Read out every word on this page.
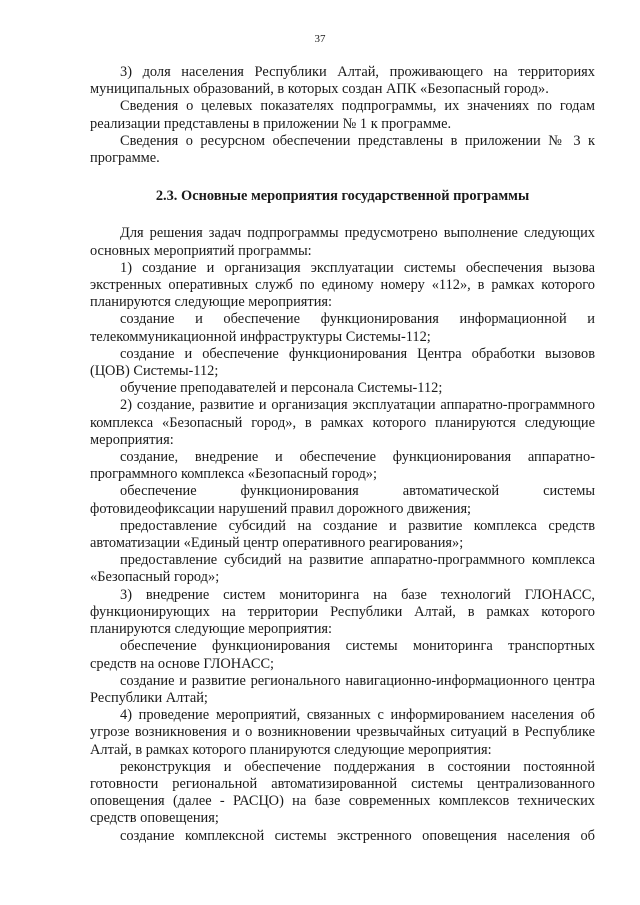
37

3) доля населения Республики Алтай, проживающего на территориях муниципальных образований, в которых создан АПК «Безопасный город».

Сведения о целевых показателях подпрограммы, их значениях по годам реализации представлены в приложении № 1 к программе.

Сведения о ресурсном обеспечении представлены в приложении № 3 к программе.

2.3. Основные мероприятия государственной программы

Для решения задач подпрограммы предусмотрено выполнение следующих основных мероприятий программы:

1) создание и организация эксплуатации системы обеспечения вызова экстренных оперативных служб по единому номеру «112», в рамках которого планируются следующие мероприятия:

создание и обеспечение функционирования информационной и телекоммуникационной инфраструктуры Системы-112;

создание и обеспечение функционирования Центра обработки вызовов (ЦОВ) Системы-112;

обучение преподавателей и персонала Системы-112;

2) создание, развитие и организация эксплуатации аппаратно-программного комплекса «Безопасный город», в рамках которого планируются следующие мероприятия:

создание, внедрение и обеспечение функционирования аппаратно-программного комплекса «Безопасный город»;

обеспечение функционирования автоматической системы фотовидеофиксации нарушений правил дорожного движения;

предоставление субсидий на создание и развитие комплекса средств автоматизации «Единый центр оперативного реагирования»;

предоставление субсидий на развитие аппаратно-программного комплекса «Безопасный город»;

3) внедрение систем мониторинга на базе технологий ГЛОНАСС, функционирующих на территории Республики Алтай, в рамках которого планируются следующие мероприятия:

обеспечение функционирования системы мониторинга транспортных средств на основе ГЛОНАСС;

создание и развитие регионального навигационно-информационного центра Республики Алтай;

4) проведение мероприятий, связанных с информированием населения об угрозе возникновения и о возникновении чрезвычайных ситуаций в Республике Алтай, в рамках которого планируются следующие мероприятия:

реконструкция и обеспечение поддержания в состоянии постоянной готовности региональной автоматизированной системы централизованного оповещения (далее - РАСЦО) на базе современных комплексов технических средств оповещения;

создание комплексной системы экстренного оповещения населения об
